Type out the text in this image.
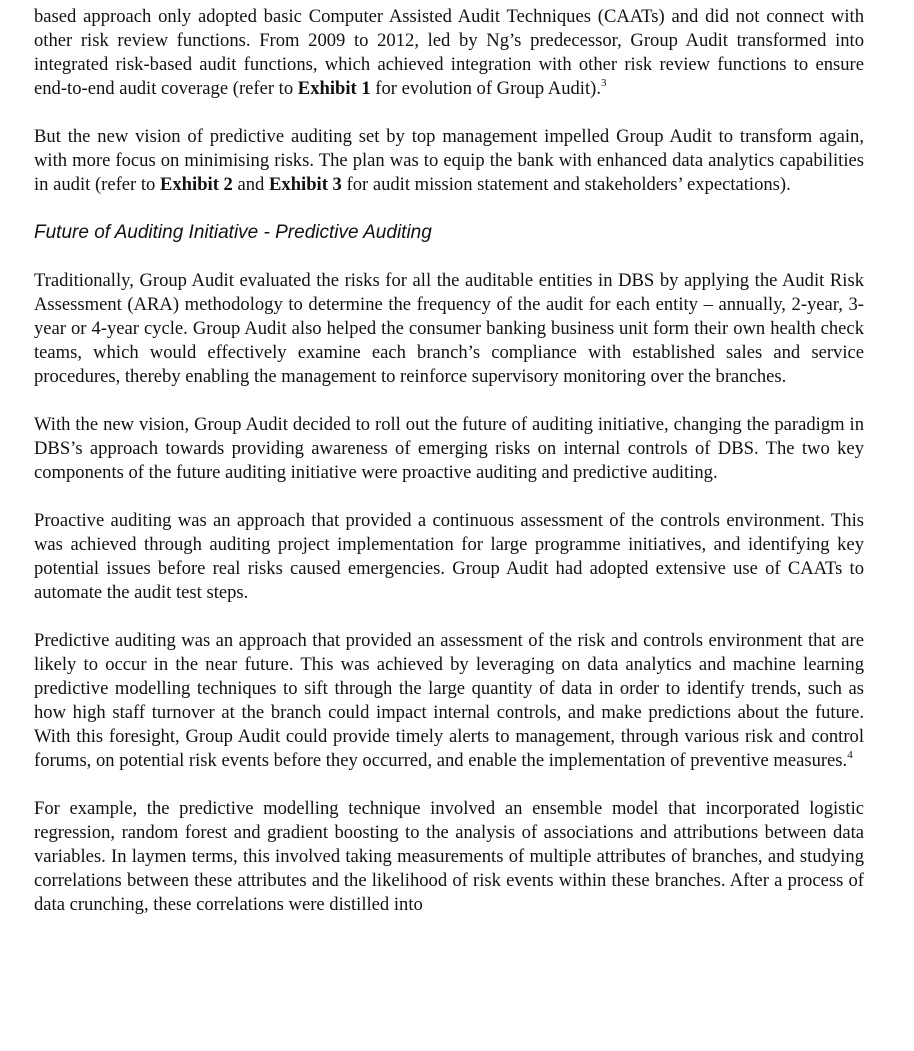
based approach only adopted basic Computer Assisted Audit Techniques (CAATs) and did not connect with other risk review functions. From 2009 to 2012, led by Ng’s predecessor, Group Audit transformed into integrated risk-based audit functions, which achieved integration with other risk review functions to ensure end-to-end audit coverage (refer to Exhibit 1 for evolution of Group Audit).$^3$

But the new vision of predictive auditing set by top management impelled Group Audit to transform again, with more focus on minimising risks. The plan was to equip the bank with enhanced data analytics capabilities in audit (refer to Exhibit 2 and Exhibit 3 for audit mission statement and stakeholders’ expectations).

Future of Auditing Initiative - Predictive Auditing

Traditionally, Group Audit evaluated the risks for all the auditable entities in DBS by applying the Audit Risk Assessment (ARA) methodology to determine the frequency of the audit for each entity – annually, 2-year, 3-year or 4-year cycle. Group Audit also helped the consumer banking business unit form their own health check teams, which would effectively examine each branch’s compliance with established sales and service procedures, thereby enabling the management to reinforce supervisory monitoring over the branches.

With the new vision, Group Audit decided to roll out the future of auditing initiative, changing the paradigm in DBS’s approach towards providing awareness of emerging risks on internal controls of DBS. The two key components of the future auditing initiative were proactive auditing and predictive auditing.

Proactive auditing was an approach that provided a continuous assessment of the controls environment. This was achieved through auditing project implementation for large programme initiatives, and identifying key potential issues before real risks caused emergencies. Group Audit had adopted extensive use of CAATs to automate the audit test steps.

Predictive auditing was an approach that provided an assessment of the risk and controls environment that are likely to occur in the near future. This was achieved by leveraging on data analytics and machine learning predictive modelling techniques to sift through the large quantity of data in order to identify trends, such as how high staff turnover at the branch could impact internal controls, and make predictions about the future. With this foresight, Group Audit could provide timely alerts to management, through various risk and control forums, on potential risk events before they occurred, and enable the implementation of preventive measures.$^4$

For example, the predictive modelling technique involved an ensemble model that incorporated logistic regression, random forest and gradient boosting to the analysis of associations and attributions between data variables. In laymen terms, this involved taking measurements of multiple attributes of branches, and studying correlations between these attributes and the likelihood of risk events within these branches. After a process of data crunching, these correlations were distilled into
